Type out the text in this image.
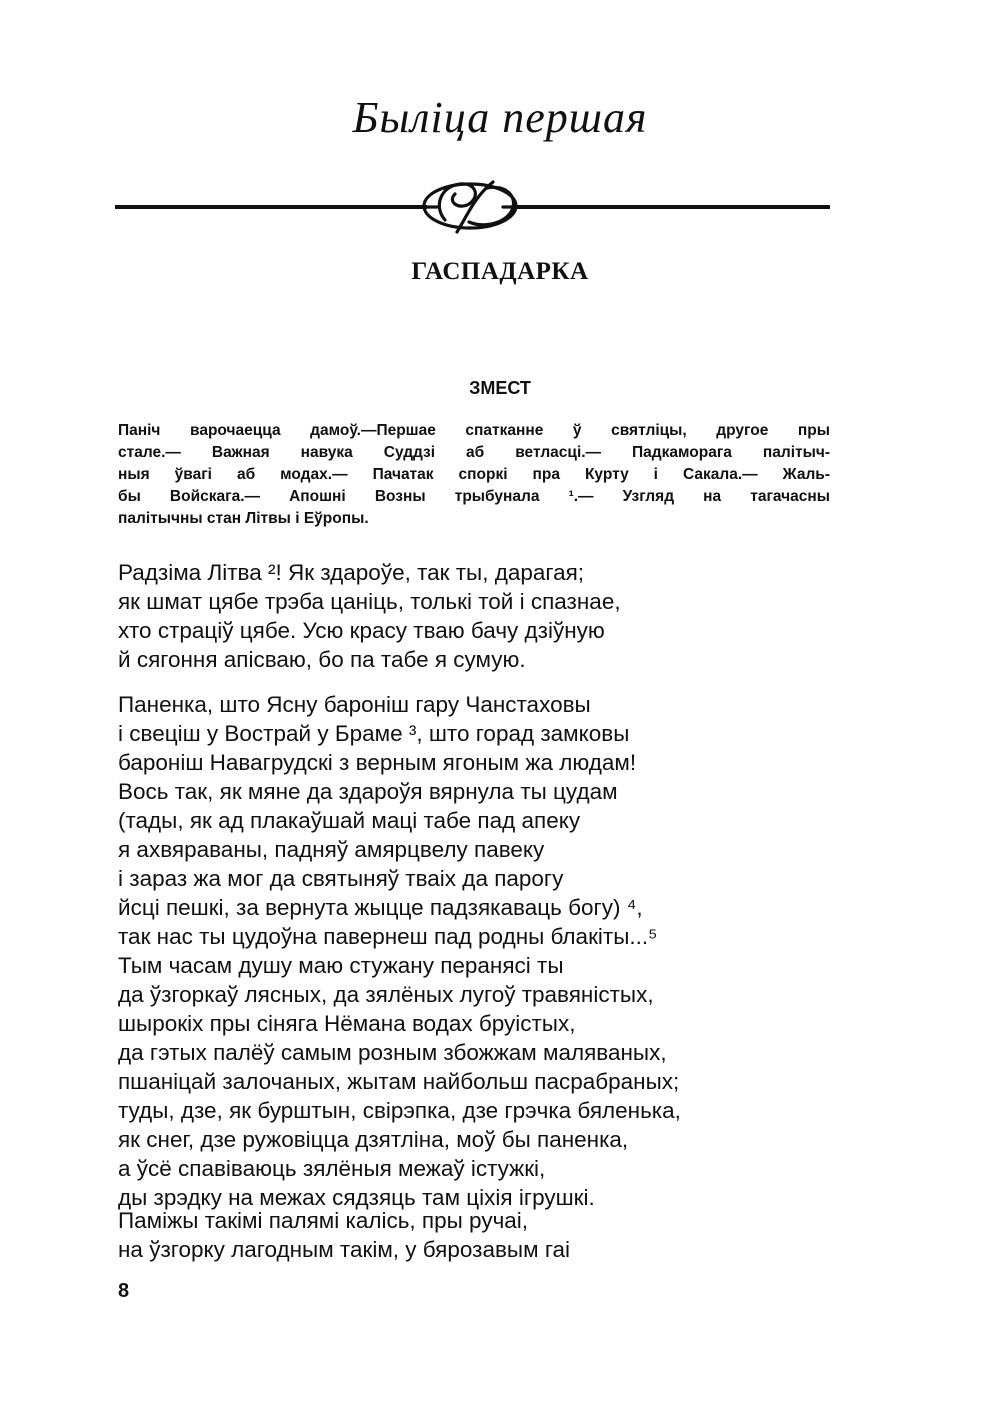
Быліца першая
ГАСПАДАРКА
ЗМЕСТ
Паніч варочаецца дамоў.—Першае спатканне ў святліцы, другое пры
стале.— Важная навука Суддзі аб ветласці.— Падкаморага палітыч-
ныя ўвагі аб модах.— Пачатак споркі пра Курту і Сакала.— Жаль-
бы Войскага.— Апошні Возны трыбунала ¹.— Узгляд на тагачасны
палітычны стан Літвы і Еўропы.
Радзіма Літва ²! Як здароўе, так ты, дарагая;
як шмат цябе трэба цаніць, толькі той і спазнае,
хто страціў цябе. Усю красу тваю бачу дзіўную
й сягоння апісваю, бо па табе я сумую.
Паненка, што Ясну бароніш гару Чанстаховы
і свеціш у Вострай у Браме ³, што горад замковы
бароніш Навагрудскі з верным ягоным жа людам!
Вось так, як мяне да здароўя вярнула ты цудам
(тады, як ад плакаўшай маці табе пад апеку
я ахвяраваны, падняў амярцвелу павеку
і зараз жа мог да святыняў тваіх да парогу
йсці пешкі, за вернута жыцце падзякаваць богу) ⁴,
так нас ты цудоўна павернеш пад родны блакіты...⁵
Тым часам душу маю стужану перанясі ты
да ўзгоркаў лясных, да зялёных лугоў травяністых,
шырокіх пры сіняга Нёмана водах бруістых,
да гэтых палёў самым розным збожжам маляваных,
пшаніцай залочаных, жытам найбольш пасрабраных;
туды, дзе, як бурштын, свірэпка, дзе грэчка бяленька,
як снег, дзе ружовіцца дзятліна, моў бы паненка,
а ўсё спавіваюць зялёныя межаў істужкі,
ды зрэдку на межах сядзяць там ціхія ігрушкі.
Паміжы такімі палямі калісь, пры ручаі,
на ўзгорку лагодным такім, у бярозавым гаі
8
